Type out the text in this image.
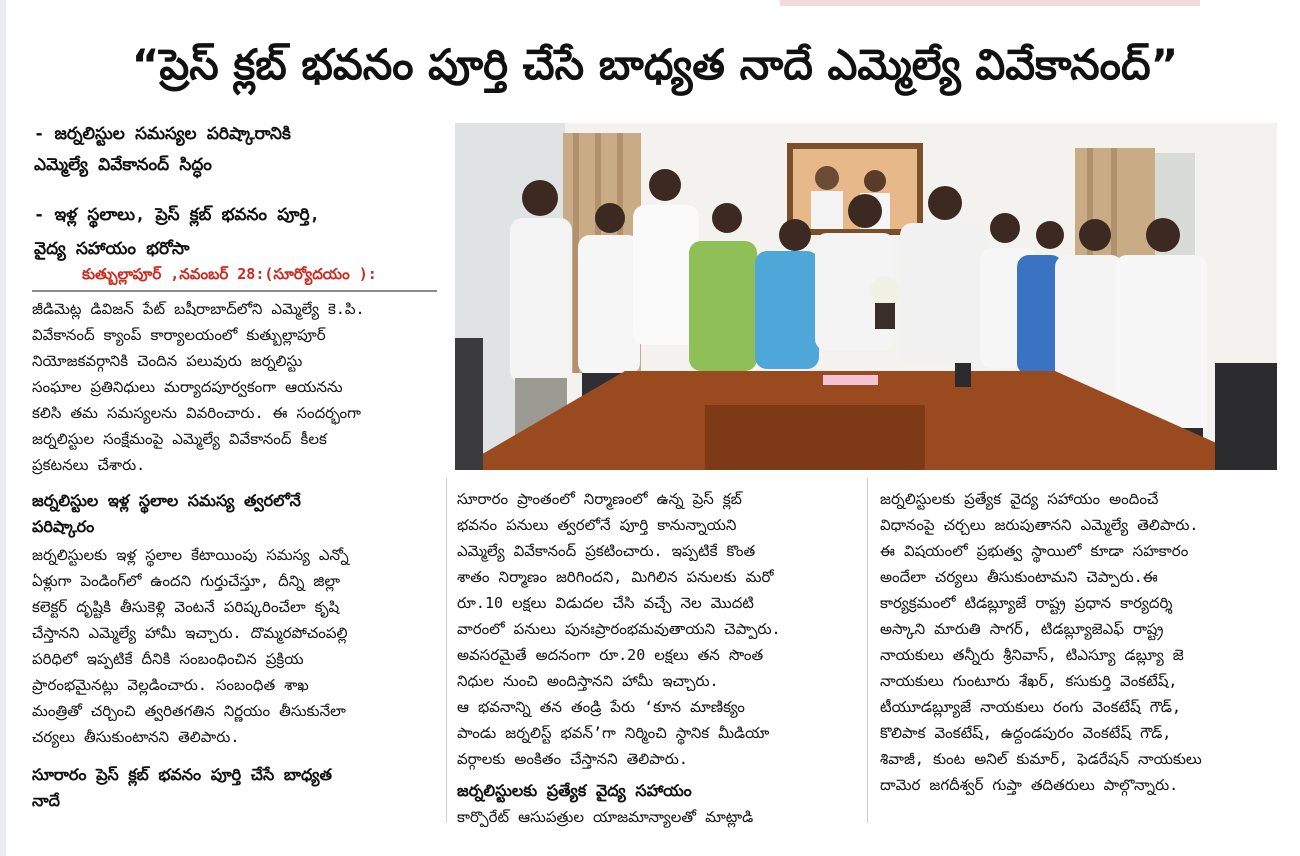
“ప్రెస్ క్లబ్ భవనం పూర్తి చేసే బాధ్యత నాదే ఎమ్మెల్యే వివేకానంద్”
- జర్నలిస్టుల సమస్యల పరిష్కారానికి
ఎమ్మెల్యే వివేకానంద్ సిద్ధం
- ఇళ్ల స్థలాలు, ప్రెస్ క్లబ్ భవనం పూర్తి,
వైద్య సహాయం భరోసా
కుత్బుల్లాపూర్ ,నవంబర్ 28:(సూర్యోదయం ):

జీడిమెట్ల డివిజన్ పేట్ బషీరాబాద్‌లోని ఎమ్మెల్యే కె.పి.
వివేకానంద్ క్యాంప్ కార్యాలయంలో కుత్బుల్లాపూర్
నియోజకవర్గానికి చెందిన పలువురు జర్నలిస్టు
సంఘాల ప్రతినిధులు మర్యాదపూర్వకంగా ఆయనను
కలిసి తమ సమస్యలను వివరించారు. ఈ సందర్భంగా
జర్నలిస్టుల సంక్షేమంపై ఎమ్మెల్యే వివేకానంద్ కీలక
ప్రకటనలు చేశారు.

జర్నలిస్టుల ఇళ్ల స్థలాల సమస్య త్వరలోనే
పరిష్కారం

జర్నలిస్టులకు ఇళ్ల స్థలాల కేటాయింపు సమస్య ఎన్నో
ఏళ్లుగా పెండింగ్‌లో ఉందని గుర్తుచేస్తూ, దీన్ని జిల్లా
కలెక్టర్ దృష్టికి తీసుకెళ్లి వెంటనే పరిష్కరించేలా కృషి
చేస్తానని ఎమ్మెల్యే హామీ ఇచ్చారు. దొమ్మరపోచంపల్లి
పరిధిలో ఇప్పటికే దీనికి సంబంధించిన ప్రక్రియ
ప్రారంభమైనట్లు వెల్లడించారు. సంబంధిత శాఖ
మంత్రితో చర్చించి త్వరితగతిన నిర్ణయం తీసుకునేలా
చర్యలు తీసుకుంటానని తెలిపారు.

సూరారం ప్రెస్ క్లబ్ భవనం పూర్తి చేసే బాధ్యత
నాదే

సూరారం ప్రాంతంలో నిర్మాణంలో ఉన్న ప్రెస్ క్లబ్
భవనం పనులు త్వరలోనే పూర్తి కానున్నాయని
ఎమ్మెల్యే వివేకానంద్ ప్రకటించారు. ఇప్పటికే కొంత
శాతం నిర్మాణం జరిగిందని, మిగిలిన పనులకు మరో
రూ.10 లక్షలు విడుదల చేసి వచ్చే నెల మొదటి
వారంలో పనులు పునఃప్రారంభమవుతాయని చెప్పారు.
అవసరమైతే అదనంగా రూ.20 లక్షలు తన సొంత
నిధుల నుంచి అందిస్తానని హామీ ఇచ్చారు.
ఆ భవనాన్ని తన తండ్రి పేరు ‘కూన మాణిక్యం
పాండు జర్నలిస్ట్ భవన్’గా నిర్మించి స్థానిక మీడియా
వర్గాలకు అంకితం చేస్తానని తెలిపారు.

జర్నలిస్టులకు ప్రత్యేక వైద్య సహాయం

కార్పొరేట్ ఆసుపత్రుల యాజమాన్యాలతో మాట్లాడి

జర్నలిస్టులకు ప్రత్యేక వైద్య సహాయం అందించే
విధానంపై చర్చలు జరుపుతానని ఎమ్మెల్యే తెలిపారు.
ఈ విషయంలో ప్రభుత్వ స్థాయిలో కూడా సహకారం
అందేలా చర్యలు తీసుకుంటామని చెప్పారు.ఈ
కార్యక్రమంలో టిడబ్ల్యూజే రాష్ట్ర ప్రధాన కార్యదర్శి
అస్కాని మారుతి సాగర్, టిడబ్ల్యూజెఎఫ్ రాష్ట్ర
నాయకులు తన్నీరు శ్రీనివాస్, టిఎస్యూ డబ్ల్యూ జె
నాయకులు గుంటూరు శేఖర్, కసుకుర్తి వెంకటేష్,
టీయూడబ్ల్యూజే నాయకులు రంగు వెంకటేష్ గౌడ్,
కొలిపాక వెంకటేష్, ఉద్దండపురం వెంకటేష్ గౌడ్,
శివాజీ, కుంట అనిల్ కుమార్, ఫెడరేషన్ నాయకులు
దామెర జగదీశ్వర్ గుప్తా తదితరులు పాల్గొన్నారు.
